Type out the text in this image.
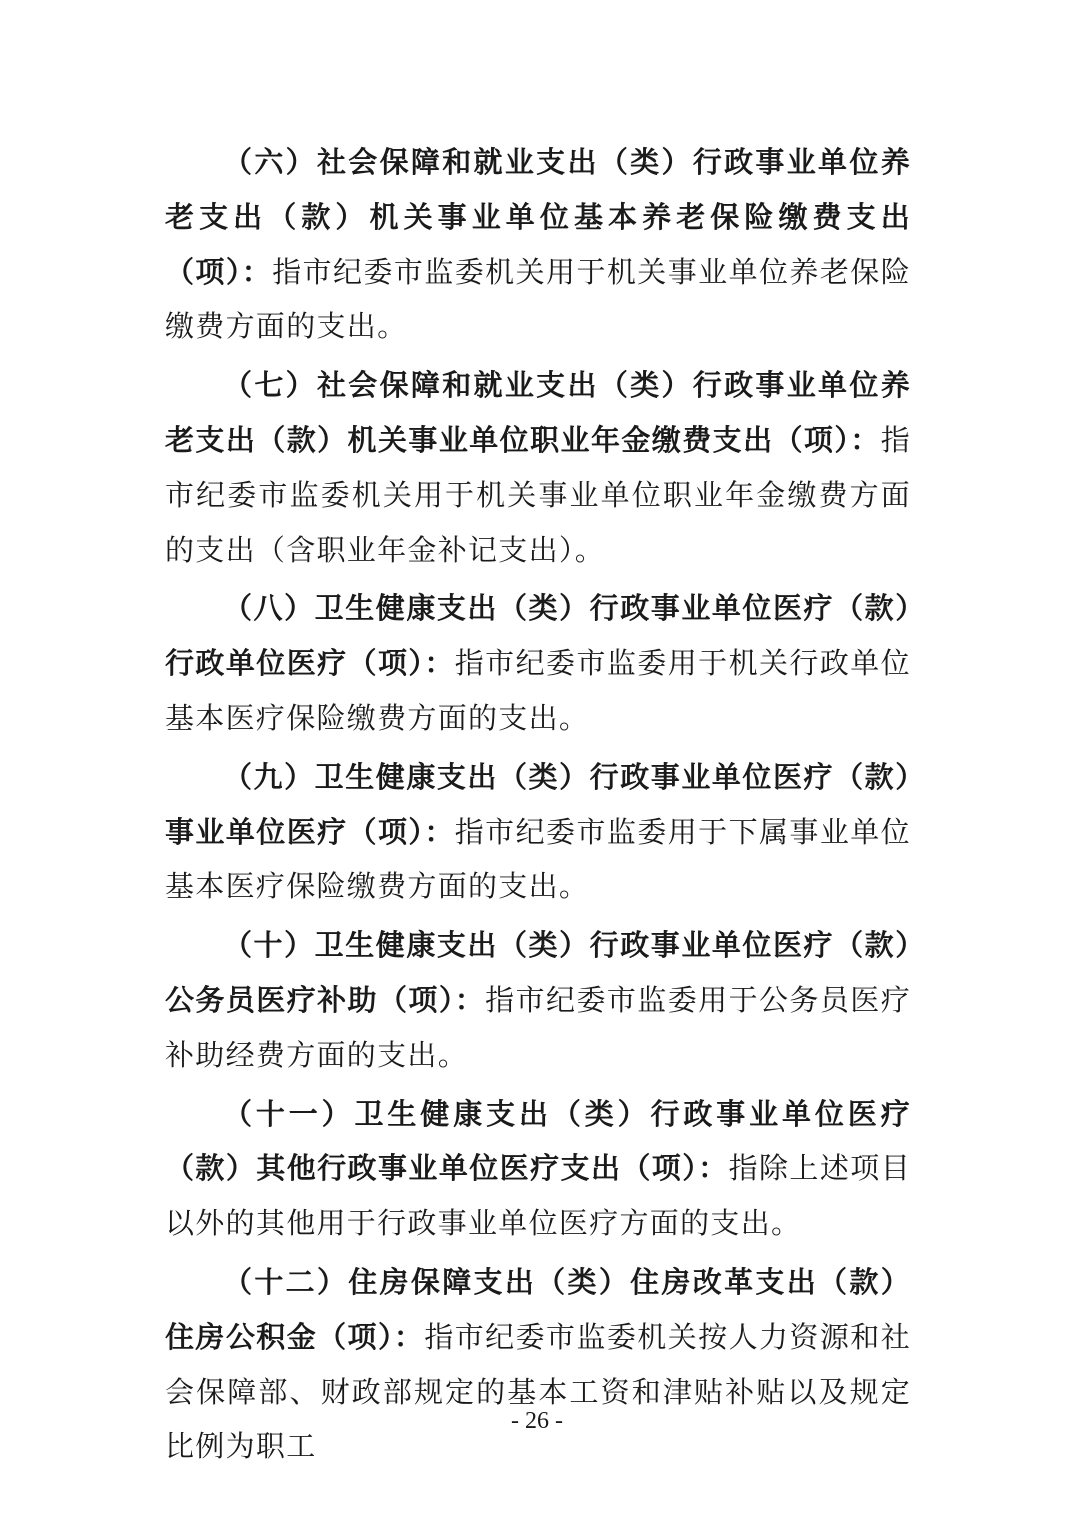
（六）社会保障和就业支出（类）行政事业单位养老支出（款）机关事业单位基本养老保险缴费支出（项）：指市纪委市监委机关用于机关事业单位养老保险缴费方面的支出。

（七）社会保障和就业支出（类）行政事业单位养老支出（款）机关事业单位职业年金缴费支出（项）：指市纪委市监委机关用于机关事业单位职业年金缴费方面的支出（含职业年金补记支出）。

（八）卫生健康支出（类）行政事业单位医疗（款）行政单位医疗（项）：指市纪委市监委用于机关行政单位基本医疗保险缴费方面的支出。

（九）卫生健康支出（类）行政事业单位医疗（款）事业单位医疗（项）：指市纪委市监委用于下属事业单位基本医疗保险缴费方面的支出。

（十）卫生健康支出（类）行政事业单位医疗（款）公务员医疗补助（项）：指市纪委市监委用于公务员医疗补助经费方面的支出。

（十一）卫生健康支出（类）行政事业单位医疗（款）其他行政事业单位医疗支出（项）：指除上述项目以外的其他用于行政事业单位医疗方面的支出。

（十二）住房保障支出（类）住房改革支出（款）住房公积金（项）：指市纪委市监委机关按人力资源和社会保障部、财政部规定的基本工资和津贴补贴以及规定比例为职工

- 26 -
